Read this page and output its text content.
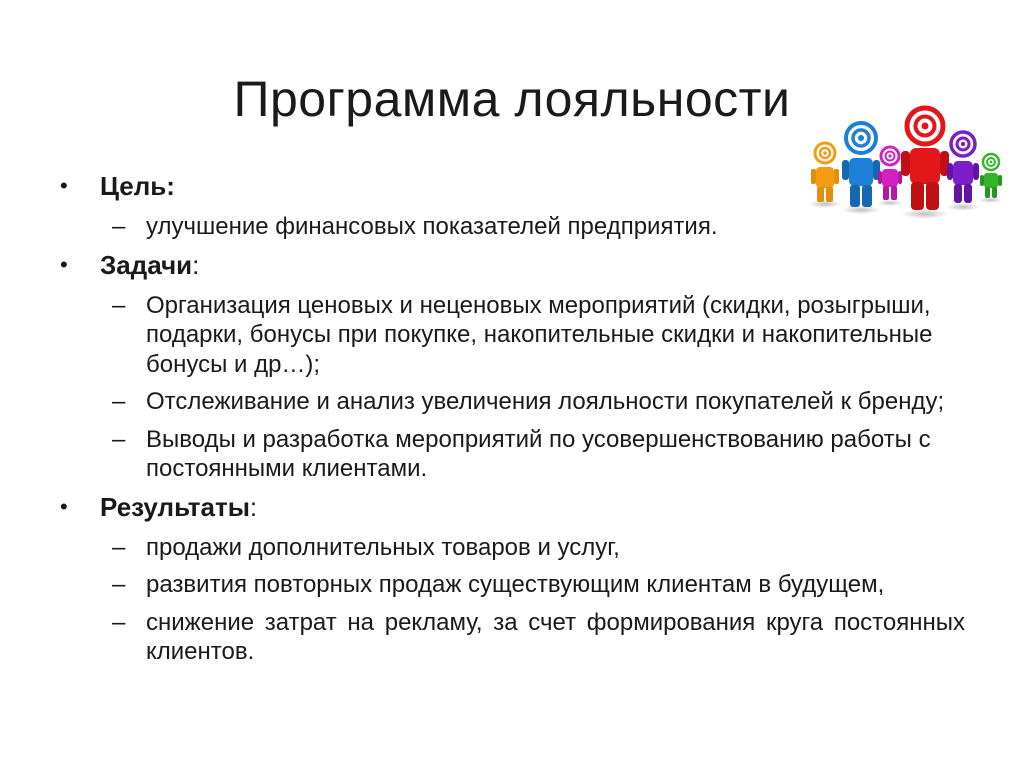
Программа лояльности
•	Цель:
– улучшение финансовых показателей предприятия.
•	Задачи:
– Организация ценовых и неценовых мероприятий (скидки, розыгрыши, подарки, бонусы при покупке, накопительные скидки и накопительные бонусы и др…);
– Отслеживание и анализ увеличения лояльности покупателей к бренду;
– Выводы и разработка мероприятий по усовершенствованию работы с постоянными клиентами.
•	Результаты:
– продажи дополнительных товаров и услуг,
– развития повторных продаж существующим клиентам в будущем,
– снижение затрат на рекламу, за счет формирования круга постоянных клиентов.
